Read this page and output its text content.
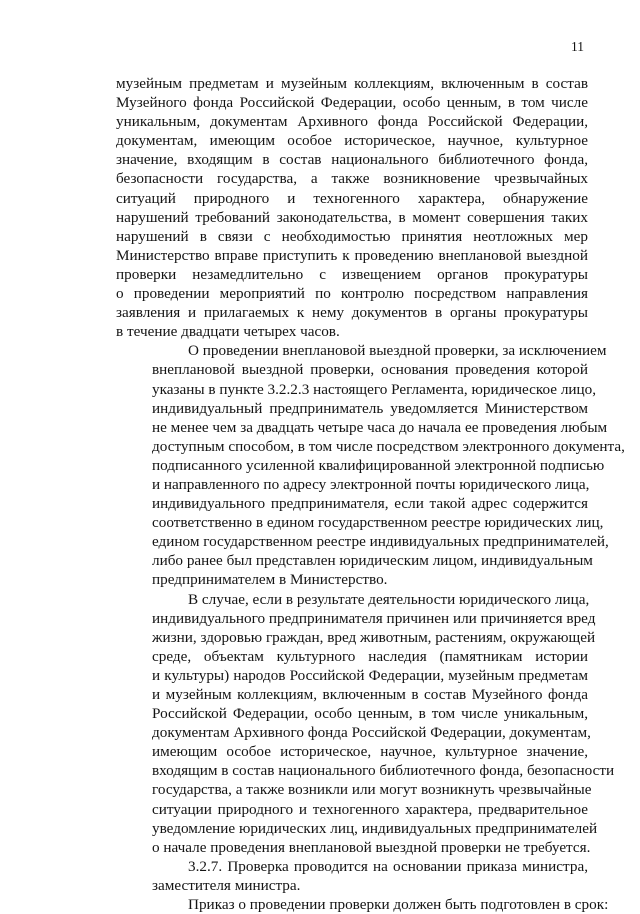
11
музейным предметам и музейным коллекциям, включенным в состав
Музейного фонда Российской Федерации, особо ценным, в том числе
уникальным, документам Архивного фонда Российской Федерации,
документам, имеющим особое историческое, научное, культурное
значение, входящим в состав национального библиотечного фонда,
безопасности государства, а также возникновение чрезвычайных
ситуаций природного и техногенного характера, обнаружение
нарушений требований законодательства, в момент совершения таких
нарушений в связи с необходимостью принятия неотложных мер
Министерство вправе приступить к проведению внеплановой выездной
проверки незамедлительно с извещением органов прокуратуры
о проведении мероприятий по контролю посредством направления
заявления и прилагаемых к нему документов в органы прокуратуры
в течение двадцати четырех часов.
О проведении внеплановой выездной проверки, за исключением
внеплановой выездной проверки, основания проведения которой
указаны в пункте 3.2.2.3 настоящего Регламента, юридическое лицо,
индивидуальный предприниматель уведомляется Министерством
не менее чем за двадцать четыре часа до начала ее проведения любым
доступным способом, в том числе посредством электронного документа,
подписанного усиленной квалифицированной электронной подписью
и направленного по адресу электронной почты юридического лица,
индивидуального предпринимателя, если такой адрес содержится
соответственно в едином государственном реестре юридических лиц,
едином государственном реестре индивидуальных предпринимателей,
либо ранее был представлен юридическим лицом, индивидуальным
предпринимателем в Министерство.
В случае, если в результате деятельности юридического лица,
индивидуального предпринимателя причинен или причиняется вред
жизни, здоровью граждан, вред животным, растениям, окружающей
среде, объектам культурного наследия (памятникам истории
и культуры) народов Российской Федерации, музейным предметам
и музейным коллекциям, включенным в состав Музейного фонда
Российской Федерации, особо ценным, в том числе уникальным,
документам Архивного фонда Российской Федерации, документам,
имеющим особое историческое, научное, культурное значение,
входящим в состав национального библиотечного фонда, безопасности
государства, а также возникли или могут возникнуть чрезвычайные
ситуации природного и техногенного характера, предварительное
уведомление юридических лиц, индивидуальных предпринимателей
о начале проведения внеплановой выездной проверки не требуется.
3.2.7. Проверка проводится на основании приказа министра,
заместителя министра.
Приказ о проведении проверки должен быть подготовлен в срок:
